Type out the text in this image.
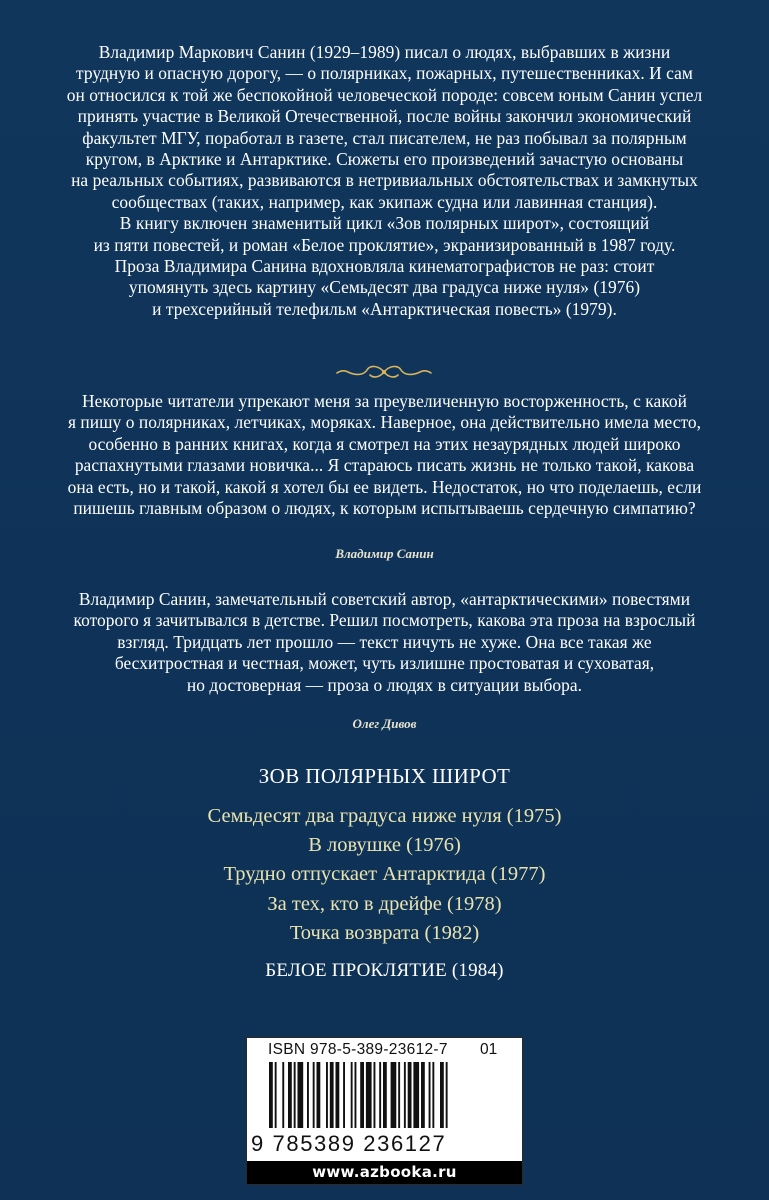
Владимир Маркович Санин (1929–1989) писал о людях, выбравших в жизни
трудную и опасную дорогу, — о полярниках, пожарных, путешественниках. И сам
он относился к той же беспокойной человеческой породе: совсем юным Санин успел
принять участие в Великой Отечественной, после войны закончил экономический
факультет МГУ, поработал в газете, стал писателем, не раз побывал за полярным
кругом, в Арктике и Антарктике. Сюжеты его произведений зачастую основаны
на реальных событиях, развиваются в нетривиальных обстоятельствах и замкнутых
сообществах (таких, например, как экипаж судна или лавинная станция).
В книгу включен знаменитый цикл «Зов полярных широт», состоящий
из пяти повестей, и роман «Белое проклятие», экранизированный в 1987 году.
Проза Владимира Санина вдохновляла кинематографистов не раз: стоит
упомянуть здесь картину «Семьдесят два градуса ниже нуля» (1976)
и трехсерийный телефильм «Антарктическая повесть» (1979).
Некоторые читатели упрекают меня за преувеличенную восторженность, с какой
я пишу о полярниках, летчиках, моряках. Наверное, она действительно имела место,
особенно в ранних книгах, когда я смотрел на этих незаурядных людей широко
распахнутыми глазами новичка... Я стараюсь писать жизнь не только такой, какова
она есть, но и такой, какой я хотел бы ее видеть. Недостаток, но что поделаешь, если
пишешь главным образом о людях, к которым испытываешь сердечную симпатию?
Владимир Санин
Владимир Санин, замечательный советский автор, «антарктическими» повестями
которого я зачитывался в детстве. Решил посмотреть, какова эта проза на взрослый
взгляд. Тридцать лет прошло — текст ничуть не хуже. Она все такая же
бесхитростная и честная, может, чуть излишне простоватая и суховатая,
но достоверная — проза о людях в ситуации выбора.
Олег Дивов
ЗОВ ПОЛЯРНЫХ ШИРОТ
Семьдесят два градуса ниже нуля (1975)
В ловушке (1976)
Трудно отпускает Антарктида (1977)
За тех, кто в дрейфе (1978)
Точка возврата (1982)
БЕЛОЕ ПРОКЛЯТИЕ (1984)
ISBN 978-5-389-23612-7	01
9 785389 236127
www.azbooka.ru
